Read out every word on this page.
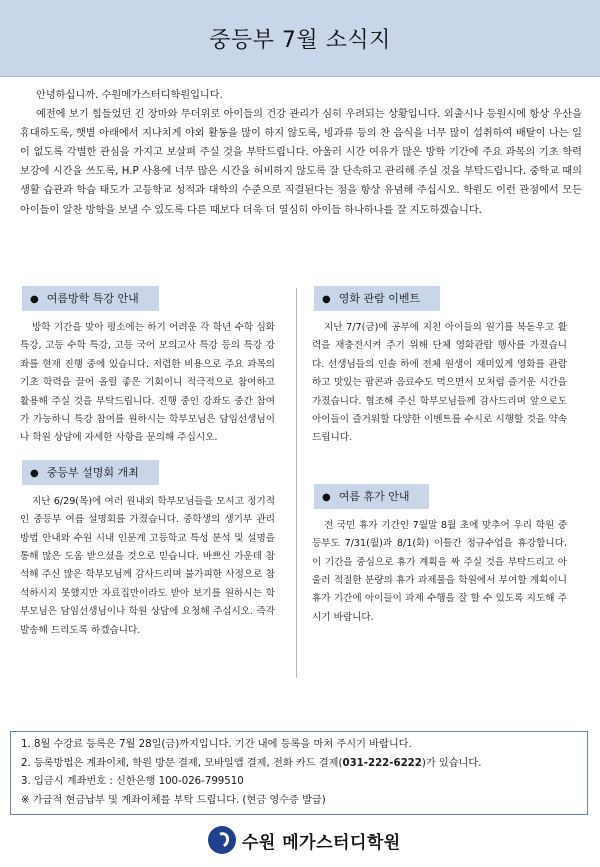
중등부 7월 소식지

안녕하십니까. 수원메가스터디학원입니다.

예전에 보기 힘들었던 긴 장마와 무더위로 아이들의 건강 관리가 심히 우려되는 상황입니다. 외출시나 등원시에 항상 우산을 휴대하도록, 햇볕 아래에서 지나치게 야외 활동을 많이 하지 않도록, 빙과류 등의 찬 음식을 너무 많이 섭취하여 배탈이 나는 일이 없도록 각별한 관심을 가지고 보살펴 주실 것을 부탁드립니다. 아울러 시간 여유가 많은 방학 기간에 주요 과목의 기초 학력 보강에 시간을 쓰도록, H.P 사용에 너무 많은 시간을 허비하지 않도록 잘 단속하고 관리해 주실 것을 부탁드립니다. 중학교 때의 생활 습관과 학습 태도가 고등학교 성적과 대학의 수준으로 직결된다는 점을 항상 유념해 주십시오. 학원도 이런 관점에서 모든 아이들이 알찬 방학을 보낼 수 있도록 다른 때보다 더욱 더 열심히 아이들 하나하나를 잘 지도하겠습니다.

● 여름방학 특강 안내

방학 기간을 맞아 평소에는 하기 어려운 각 학년 수학 심화 특강, 고등 수학 특강, 고등 국어 모의고사 특강 등의 특강 강좌를 현재 진행 중에 있습니다. 저렴한 비용으로 주요 과목의 기초 학력을 끌어 올릴 좋은 기회이니 적극적으로 참여하고 활용해 주실 것을 부탁드립니다. 진행 중인 강좌도 중간 참여가 가능하니 특강 참여를 원하시는 학부모님은 담임선생님이나 학원 상담에 자세한 사항을 문의해 주십시오.

● 중등부 설명회 개최

지난 6/29(목)에 여러 원내외 학부모님들을 모시고 정기적인 중등부 여름 설명회를 가졌습니다. 중학생의 생기부 관리 방법 안내와 수원 시내 인문계 고등학교 특성 분석 및 설명을 통해 많은 도움 받으셨을 것으로 믿습니다. 바쁘신 가운데 참석해 주신 많은 학부모님께 감사드리며 불가피한 사정으로 참석하시지 못했지만 자료집만이라도 받아 보기를 원하시는 학부모님은 담임선생님이나 학원 상담에 요청해 주십시오. 즉각 발송해 드리도록 하겠습니다.

● 영화 관람 이벤트

지난 7/7(금)에 공부에 지친 아이들의 원기를 북돋우고 활력을 재충전시켜 주기 위해 단체 영화관람 행사를 가졌습니다. 선생님들의 인솔 하에 전체 원생이 재미있게 영화를 관람하고 맛있는 팝콘과 음료수도 먹으면서 모처럼 즐거운 시간을 가졌습니다. 협조해 주신 학부모님들께 감사드리며 앞으로도 아이들이 즐거워할 다양한 이벤트를 수시로 시행할 것을 약속드립니다.

● 여름 휴가 안내

전 국민 휴가 기간인 7월말 8월 초에 맞추어 우리 학원 중등부도 7/31(월)과 8/1(화) 이틀간 정규수업을 휴강합니다. 이 기간을 중심으로 휴가 계획을 짜 주실 것을 부탁드리고 아울러 적절한 분량의 휴가 과제물을 학원에서 부여할 계획이니 휴가 기간에 아이들이 과제 수행을 잘 할 수 있도록 지도해 주시기 바랍니다.

1. 8월 수강료 등록은 7월 28일(금)까지입니다. 기간 내에 등록을 마쳐 주시기 바랍니다.
2. 등록방법은 계좌이체, 학원 방문 결제, 모바일앱 결제, 전화 카드 결제(031-222-6222)가 있습니다.
3. 입금시 계좌번호 : 신한은행 100-026-799510
※ 가급적 현금납부 및 계좌이체를 부탁 드립니다. (현금 영수증 발급)
수원 메가스터디학원
